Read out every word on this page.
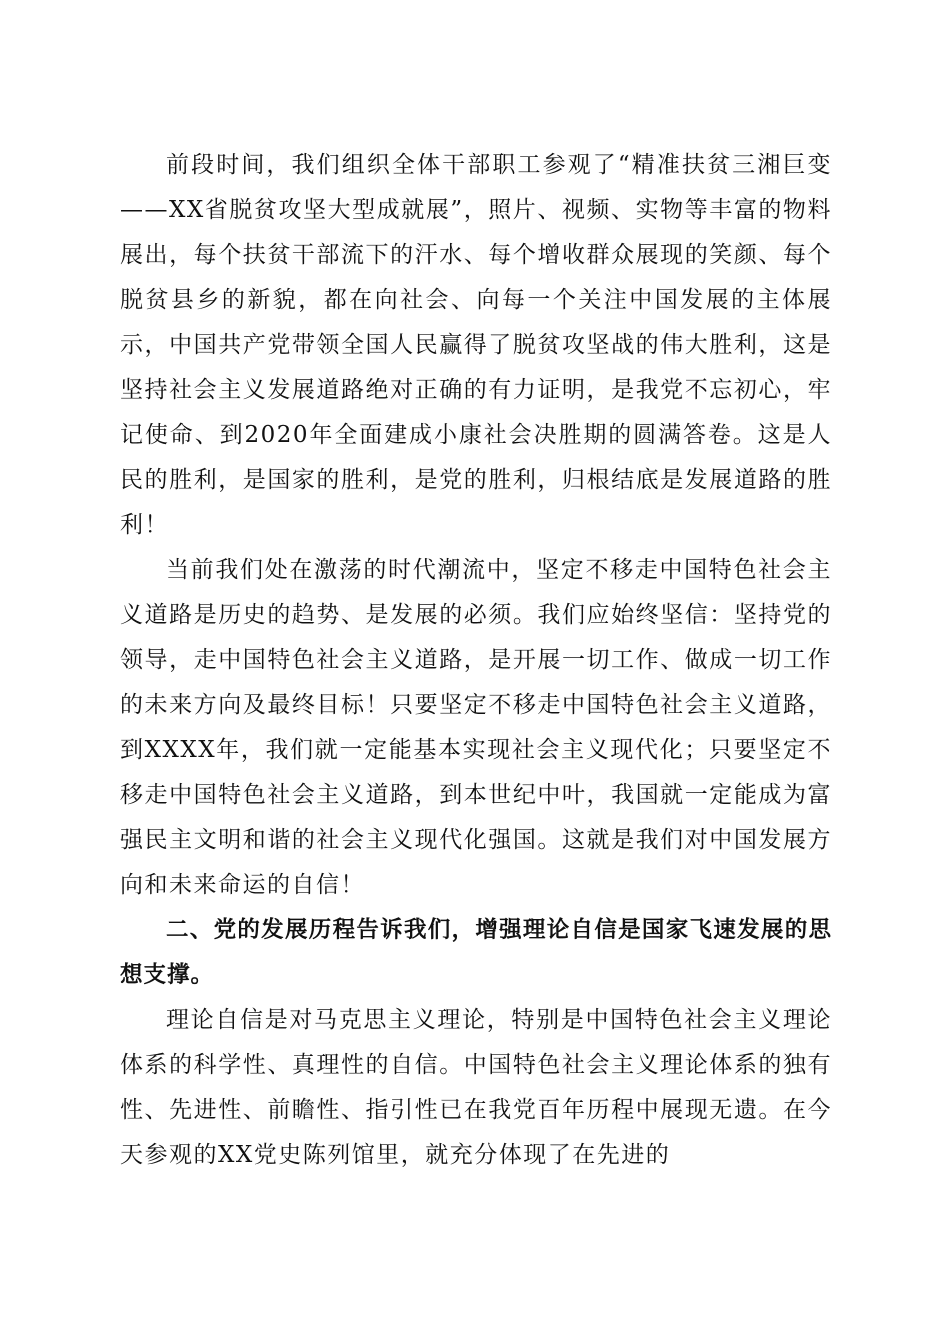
前段时间，我们组织全体干部职工参观了“精准扶贫三湘巨变——XX省脱贫攻坚大型成就展”，照片、视频、实物等丰富的物料展出，每个扶贫干部流下的汗水、每个增收群众展现的笑颜、每个脱贫县乡的新貌，都在向社会、向每一个关注中国发展的主体展示，中国共产党带领全国人民赢得了脱贫攻坚战的伟大胜利，这是坚持社会主义发展道路绝对正确的有力证明，是我党不忘初心，牢记使命、到2020年全面建成小康社会决胜期的圆满答卷。这是人民的胜利，是国家的胜利，是党的胜利，归根结底是发展道路的胜利！

当前我们处在激荡的时代潮流中，坚定不移走中国特色社会主义道路是历史的趋势、是发展的必须。我们应始终坚信：坚持党的领导，走中国特色社会主义道路，是开展一切工作、做成一切工作的未来方向及最终目标！只要坚定不移走中国特色社会主义道路，到XXXX年，我们就一定能基本实现社会主义现代化；只要坚定不移走中国特色社会主义道路，到本世纪中叶，我国就一定能成为富强民主文明和谐的社会主义现代化强国。这就是我们对中国发展方向和未来命运的自信！

二、党的发展历程告诉我们，增强理论自信是国家飞速发展的思想支撑。

理论自信是对马克思主义理论，特别是中国特色社会主义理论体系的科学性、真理性的自信。中国特色社会主义理论体系的独有性、先进性、前瞻性、指引性已在我党百年历程中展现无遗。在今天参观的XX党史陈列馆里，就充分体现了在先进的
